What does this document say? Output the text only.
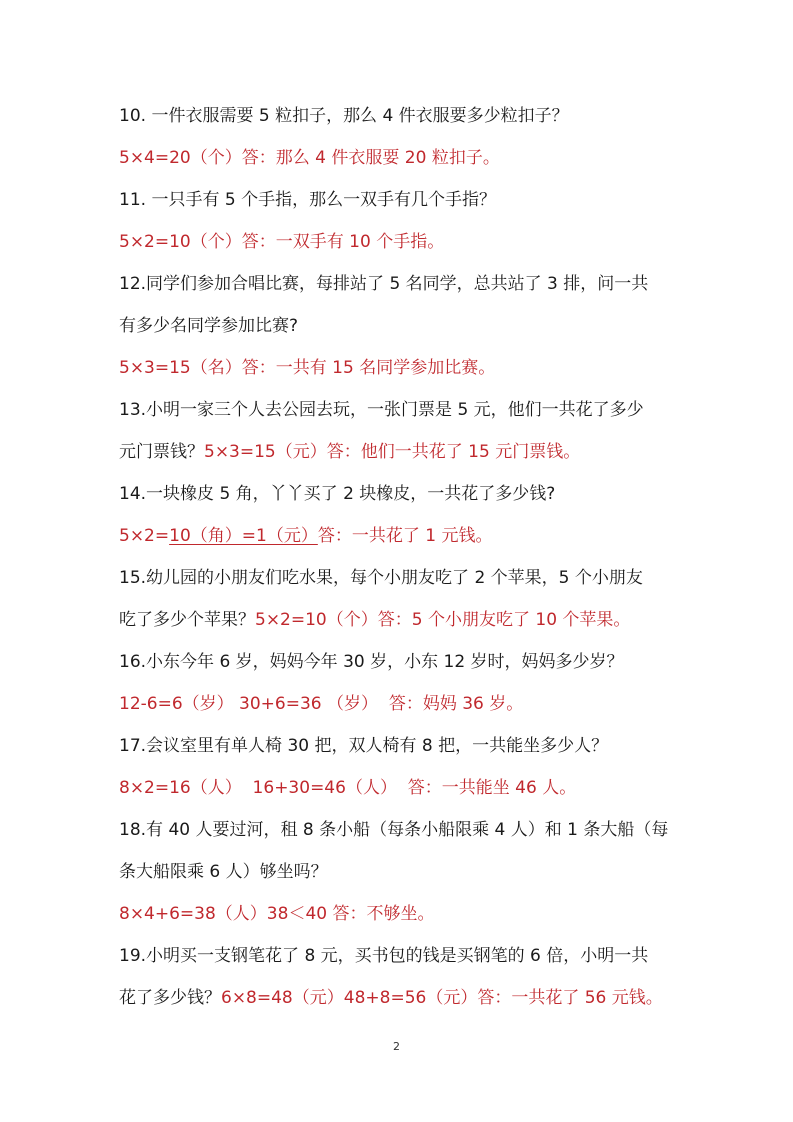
10. 一件衣服需要 5 粒扣子，那么 4 件衣服要多少粒扣子？
5×4=20（个）答：那么 4 件衣服要 20 粒扣子。
11. 一只手有 5 个手指，那么一双手有几个手指？
5×2=10（个）答：一双手有 10 个手指。
12.同学们参加合唱比赛，每排站了 5 名同学，总共站了 3 排，问一共
有多少名同学参加比赛?
5×3=15（名）答：一共有 15 名同学参加比赛。
13.小明一家三个人去公园去玩，一张门票是 5 元，他们一共花了多少
元门票钱？5×3=15（元）答：他们一共花了 15 元门票钱。
14.一块橡皮 5 角，丫丫买了 2 块橡皮，一共花了多少钱?
5×2=10（角）=1（元）答：一共花了 1 元钱。
15.幼儿园的小朋友们吃水果，每个小朋友吃了 2 个苹果，5 个小朋友
吃了多少个苹果？5×2=10（个）答：5 个小朋友吃了 10 个苹果。
16.小东今年 6 岁，妈妈今年 30 岁，小东 12 岁时，妈妈多少岁？
12-6=6（岁） 30+6=36 （岁）  答：妈妈 36 岁。
17.会议室里有单人椅 30 把，双人椅有 8 把，一共能坐多少人？
8×2=16（人）  16+30=46（人）  答：一共能坐 46 人。
18.有 40 人要过河，租 8 条小船（每条小船限乘 4 人）和 1 条大船（每
条大船限乘 6 人）够坐吗？
8×4+6=38（人）38＜40 答：不够坐。
19.小明买一支钢笔花了 8 元，买书包的钱是买钢笔的 6 倍，小明一共
花了多少钱？6×8=48（元）48+8=56（元）答：一共花了 56 元钱。
2
